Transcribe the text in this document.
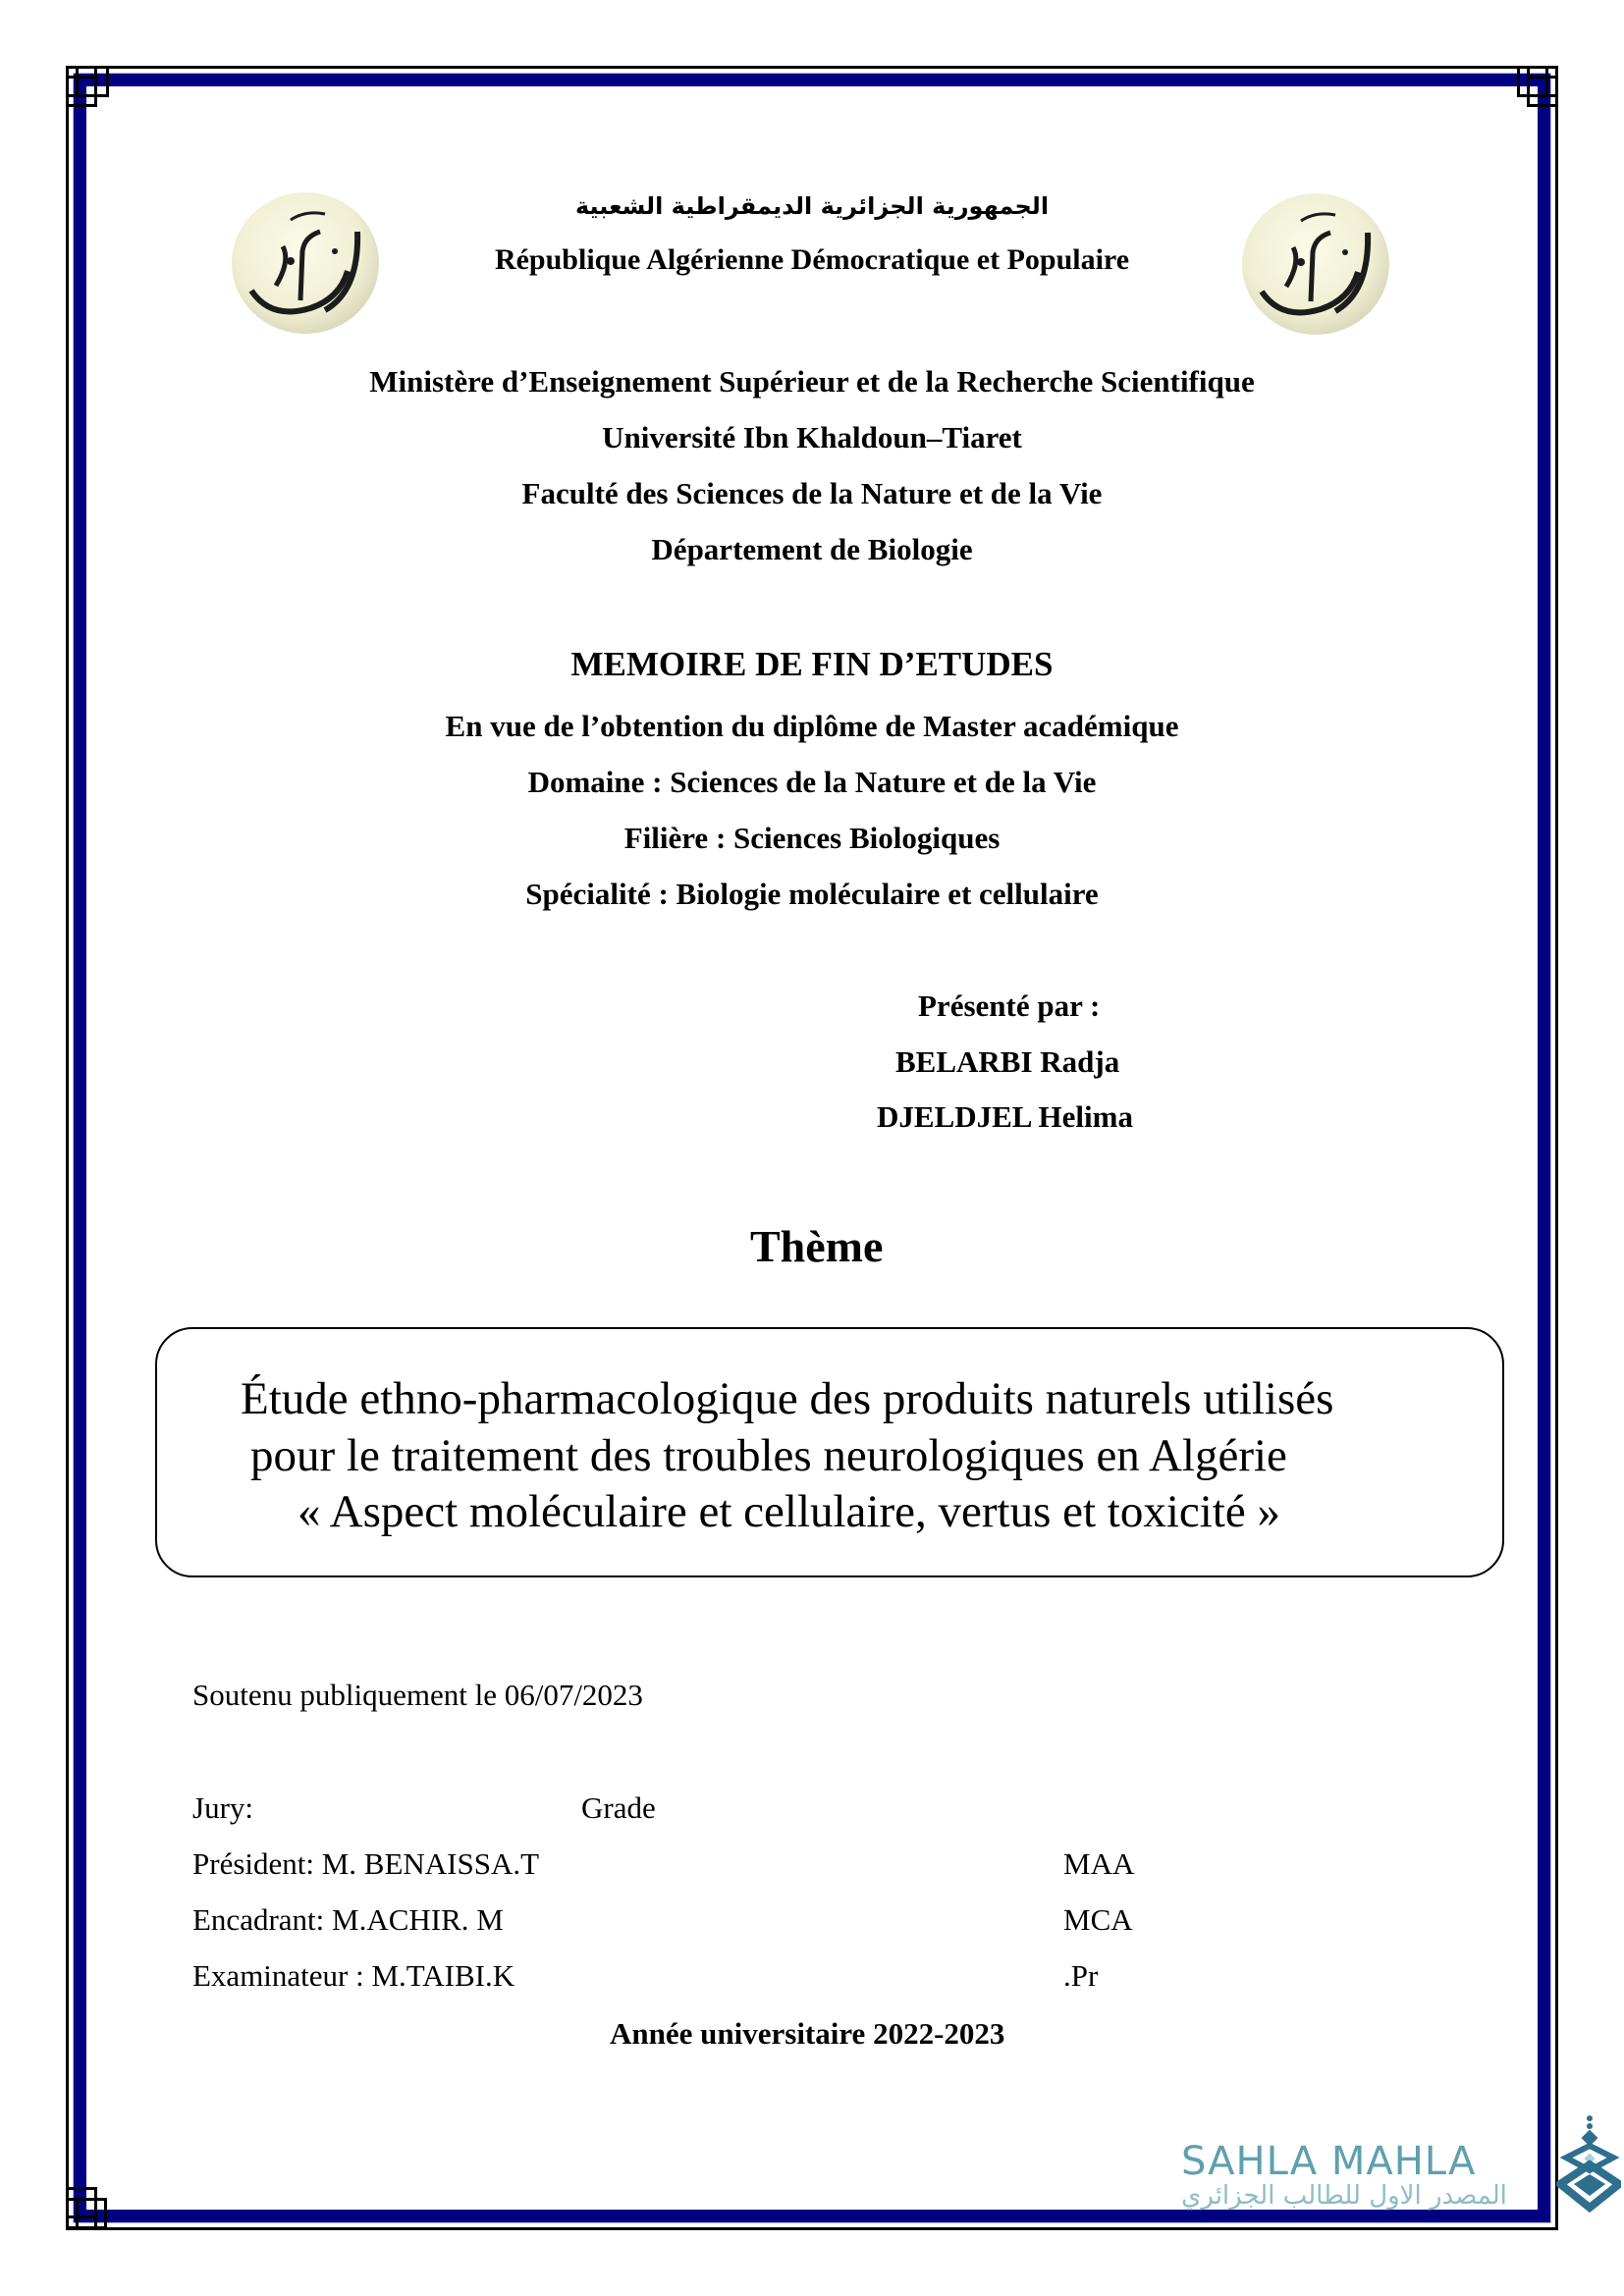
الجمهورية الجزائرية الديمقراطية الشعبية
République Algérienne Démocratique et Populaire
Ministère d’Enseignement Supérieur et de la Recherche Scientifique
Université Ibn Khaldoun–Tiaret
Faculté des Sciences de la Nature et de la Vie
Département de Biologie
MEMOIRE DE FIN D’ETUDES
En vue de l’obtention du diplôme de Master académique
Domaine : Sciences de la Nature et de la Vie
Filière : Sciences Biologiques
Spécialité : Biologie moléculaire et cellulaire
Présenté par :
BELARBI Radja
DJELDJEL Helima
Thème
Étude ethno-pharmacologique des produits naturels utilisés
pour le traitement des troubles neurologiques en Algérie
« Aspect moléculaire et cellulaire, vertus et toxicité »
Soutenu publiquement le 06/07/2023
Jury:	Grade
Président: M. BENAISSA.T	MAA
Encadrant: M.ACHIR. M	MCA
Examinateur : M.TAIBI.K	.Pr
Année universitaire 2022-2023
SAHLA MAHLA
المصدر الاول للطالب الجزائري
